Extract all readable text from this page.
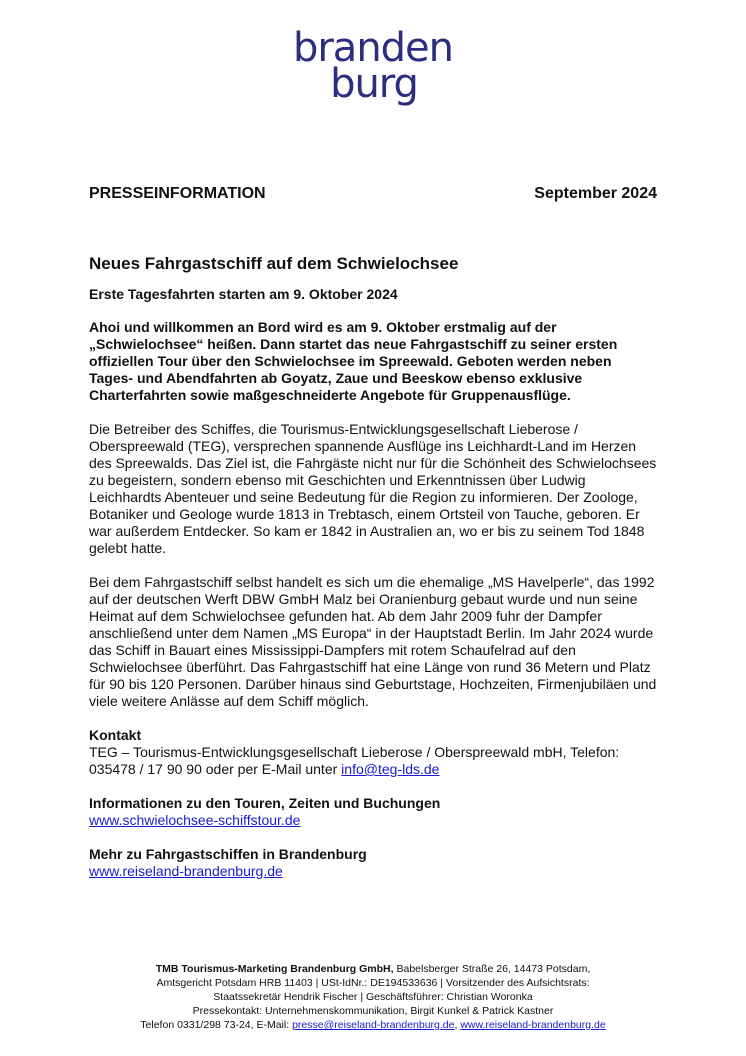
branden
burg
PRESSEINFORMATION	September 2024
Neues Fahrgastschiff auf dem Schwielochsee
Erste Tagesfahrten starten am 9. Oktober 2024

Ahoi und willkommen an Bord wird es am 9. Oktober erstmalig auf der „Schwielochsee“ heißen. Dann startet das neue Fahrgastschiff zu seiner ersten offiziellen Tour über den Schwielochsee im Spreewald. Geboten werden neben Tages- und Abendfahrten ab Goyatz, Zaue und Beeskow ebenso exklusive Charterfahrten sowie maßgeschneiderte Angebote für Gruppenausflüge.

Die Betreiber des Schiffes, die Tourismus-Entwicklungsgesellschaft Lieberose / Oberspreewald (TEG), versprechen spannende Ausflüge ins Leichhardt-Land im Herzen des Spreewalds. Das Ziel ist, die Fahrgäste nicht nur für die Schönheit des Schwielochsees zu begeistern, sondern ebenso mit Geschichten und Erkenntnissen über Ludwig Leichhardts Abenteuer und seine Bedeutung für die Region zu informieren. Der Zoologe, Botaniker und Geologe wurde 1813 in Trebtasch, einem Ortsteil von Tauche, geboren. Er war außerdem Entdecker. So kam er 1842 in Australien an, wo er bis zu seinem Tod 1848 gelebt hatte.

Bei dem Fahrgastschiff selbst handelt es sich um die ehemalige „MS Havelperle“, das 1992 auf der deutschen Werft DBW GmbH Malz bei Oranienburg gebaut wurde und nun seine Heimat auf dem Schwielochsee gefunden hat. Ab dem Jahr 2009 fuhr der Dampfer anschließend unter dem Namen „MS Europa“ in der Hauptstadt Berlin. Im Jahr 2024 wurde das Schiff in Bauart eines Mississippi-Dampfers mit rotem Schaufelrad auf den Schwielochsee überführt. Das Fahrgastschiff hat eine Länge von rund 36 Metern und Platz für 90 bis 120 Personen. Darüber hinaus sind Geburtstage, Hochzeiten, Firmenjubiläen und viele weitere Anlässe auf dem Schiff möglich.

Kontakt
TEG – Tourismus-Entwicklungsgesellschaft Lieberose / Oberspreewald mbH, Telefon: 035478 / 17 90 90 oder per E-Mail unter info@teg-lds.de

Informationen zu den Touren, Zeiten und Buchungen
www.schwielochsee-schiffstour.de

Mehr zu Fahrgastschiffen in Brandenburg
www.reiseland-brandenburg.de

TMB Tourismus-Marketing Brandenburg GmbH, Babelsberger Straße 26, 14473 Potsdam,
Amtsgericht Potsdam HRB 11403 | USt-IdNr.: DE194533636 | Vorsitzender des Aufsichtsrats:
Staatssekretär Hendrik Fischer | Geschäftsführer: Christian Woronka
Pressekontakt: Unternehmenskommunikation, Birgit Kunkel & Patrick Kastner
Telefon 0331/298 73-24, E-Mail: presse@reiseland-brandenburg.de, www.reiseland-brandenburg.de
